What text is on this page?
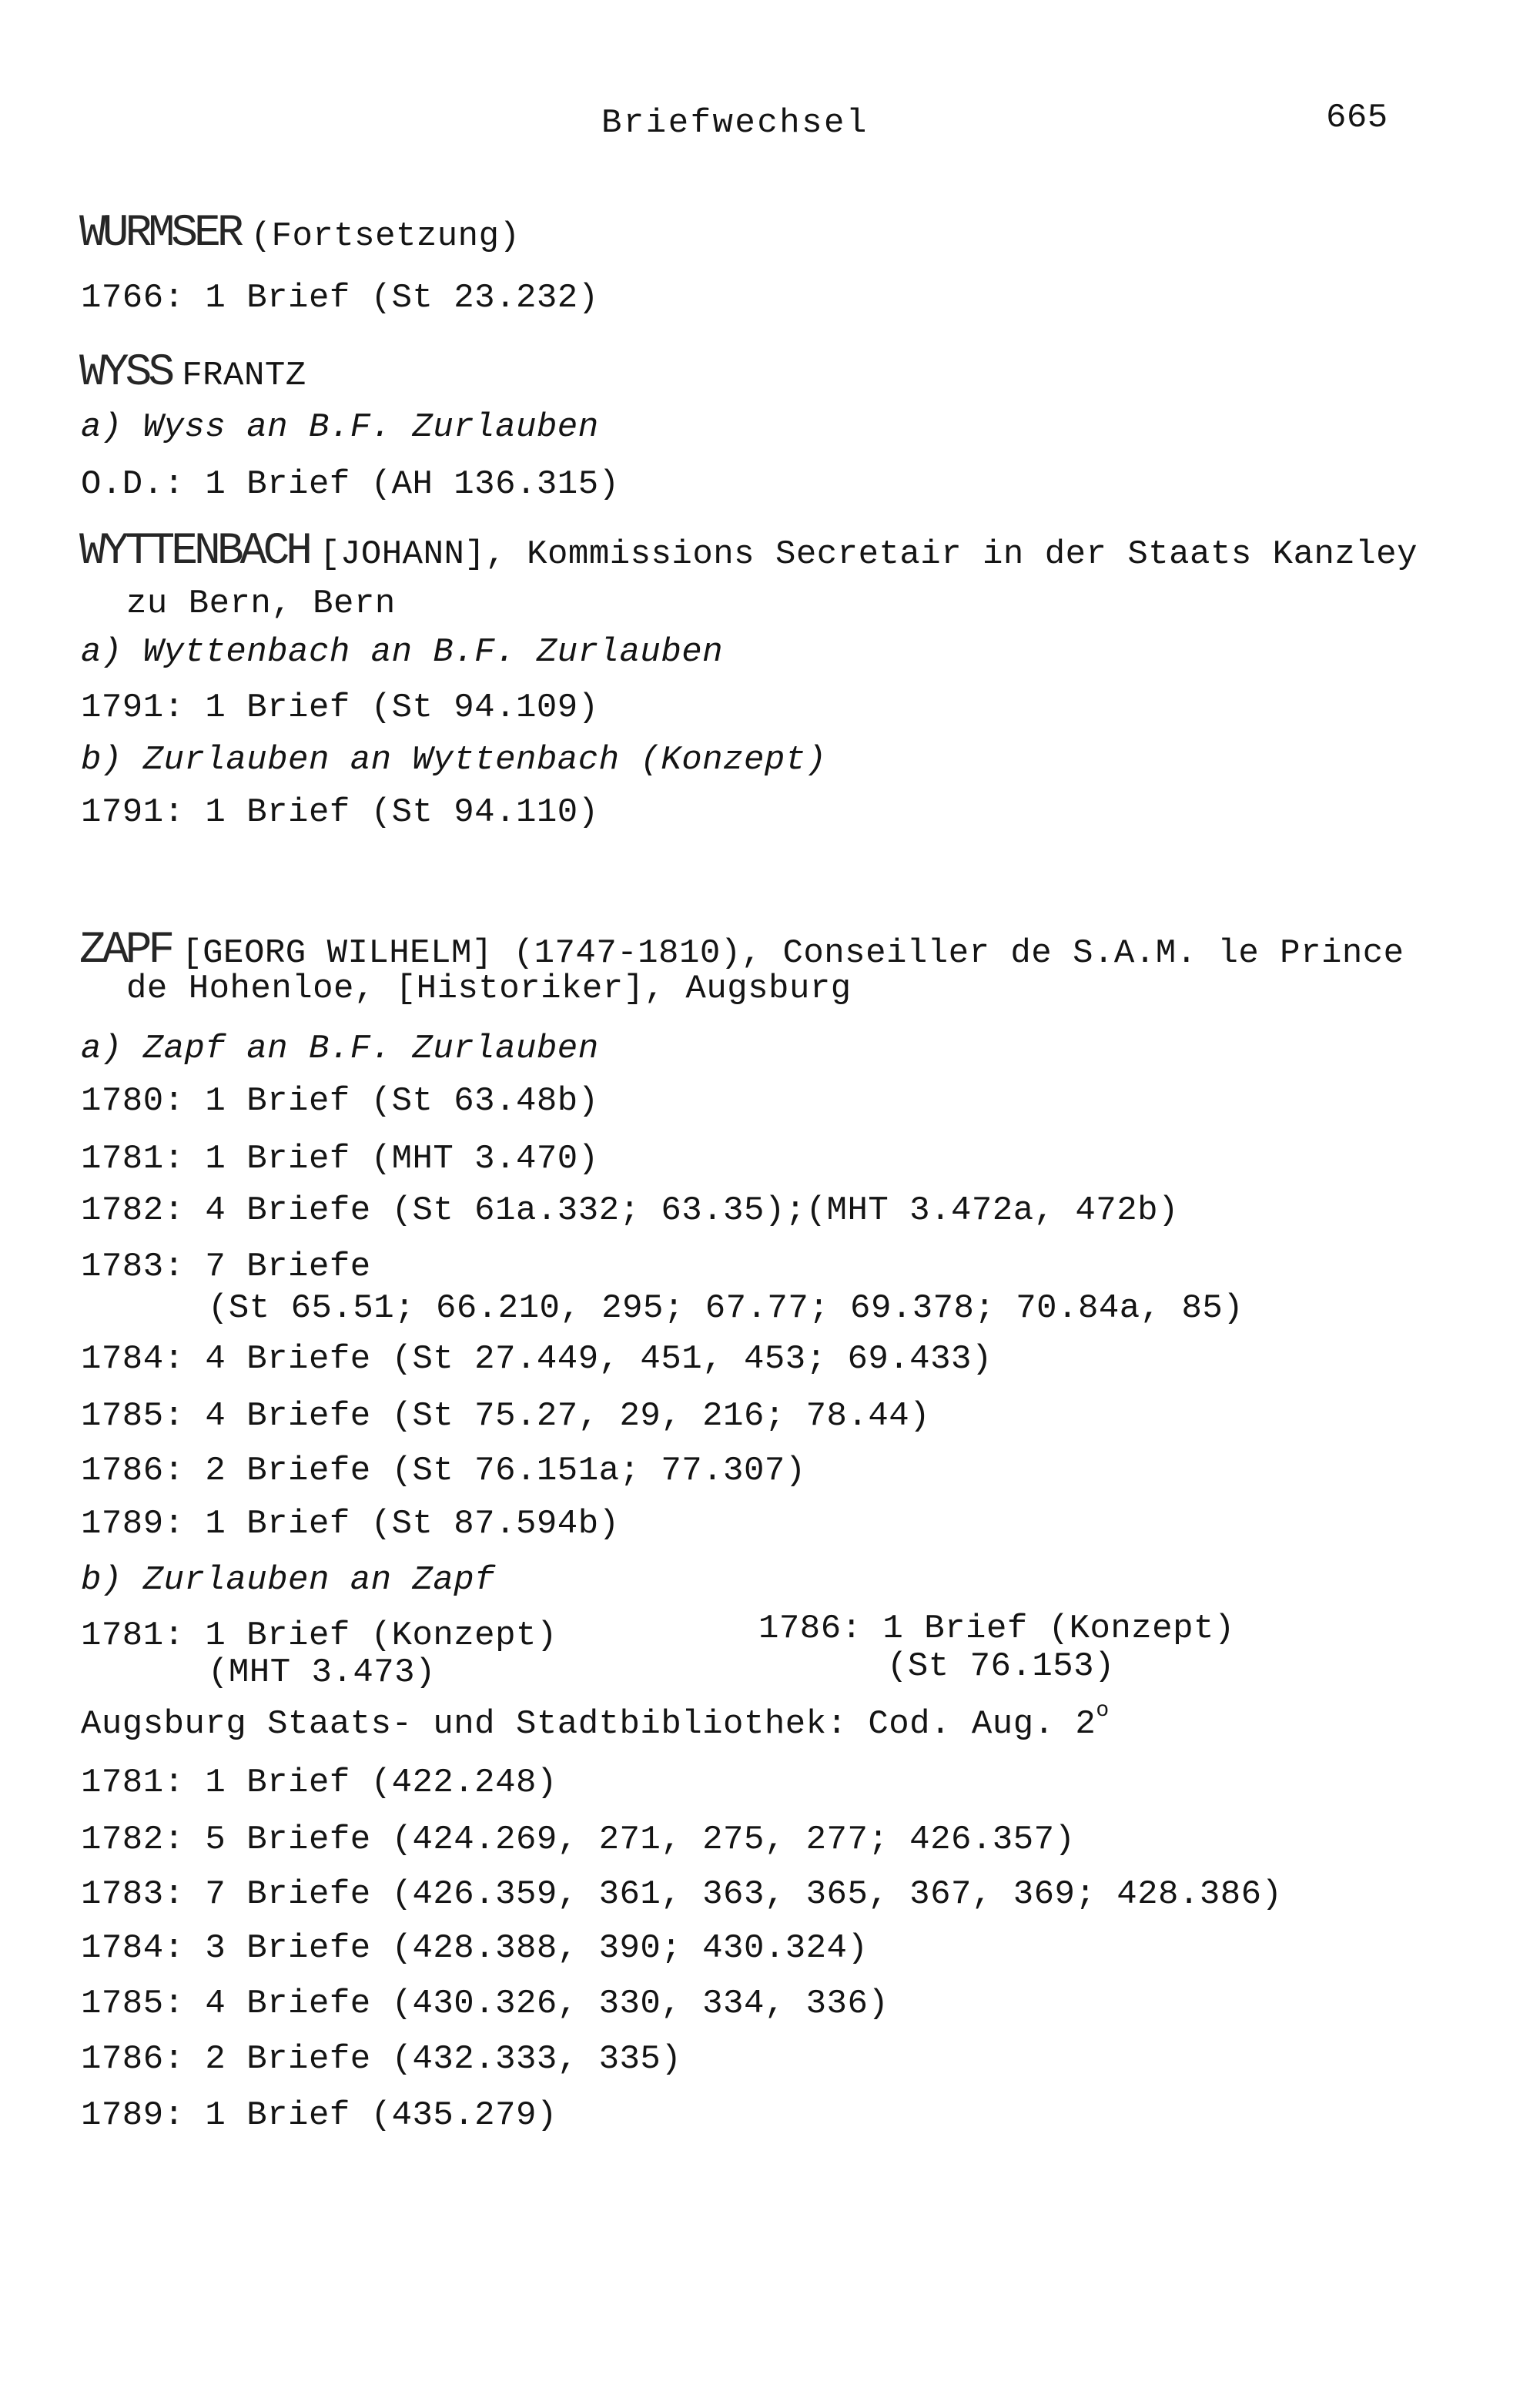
Briefwechsel	665
WURMSER (Fortsetzung)
1766: 1 Brief (St 23.232)
WYSS FRANTZ
a) Wyss an B.F. Zurlauben
O.D.: 1 Brief (AH 136.315)
WYTTENBACH [JOHANN], Kommissions Secretair in der Staats Kanzley
zu Bern, Bern
a) Wyttenbach an B.F. Zurlauben
1791: 1 Brief (St 94.109)
b) Zurlauben an Wyttenbach (Konzept)
1791: 1 Brief (St 94.110)
ZAPF [GEORG WILHELM] (1747-1810), Conseiller de S.A.M. le Prince
de Hohenloe, [Historiker], Augsburg
a) Zapf an B.F. Zurlauben
1780: 1 Brief (St 63.48b)
1781: 1 Brief (MHT 3.470)
1782: 4 Briefe (St 61a.332; 63.35);(MHT 3.472a, 472b)
1783: 7 Briefe
(St 65.51; 66.210, 295; 67.77; 69.378; 70.84a, 85)
1784: 4 Briefe (St 27.449, 451, 453; 69.433)
1785: 4 Briefe (St 75.27, 29, 216; 78.44)
1786: 2 Briefe (St 76.151a; 77.307)
1789: 1 Brief (St 87.594b)
b) Zurlauben an Zapf
1781: 1 Brief (Konzept)
(MHT 3.473)
1786: 1 Brief (Konzept)
(St 76.153)
Augsburg Staats- und Stadtbibliothek: Cod. Aug. 2$^o$
1781: 1 Brief (422.248)
1782: 5 Briefe (424.269, 271, 275, 277; 426.357)
1783: 7 Briefe (426.359, 361, 363, 365, 367, 369; 428.386)
1784: 3 Briefe (428.388, 390; 430.324)
1785: 4 Briefe (430.326, 330, 334, 336)
1786: 2 Briefe (432.333, 335)
1789: 1 Brief (435.279)
